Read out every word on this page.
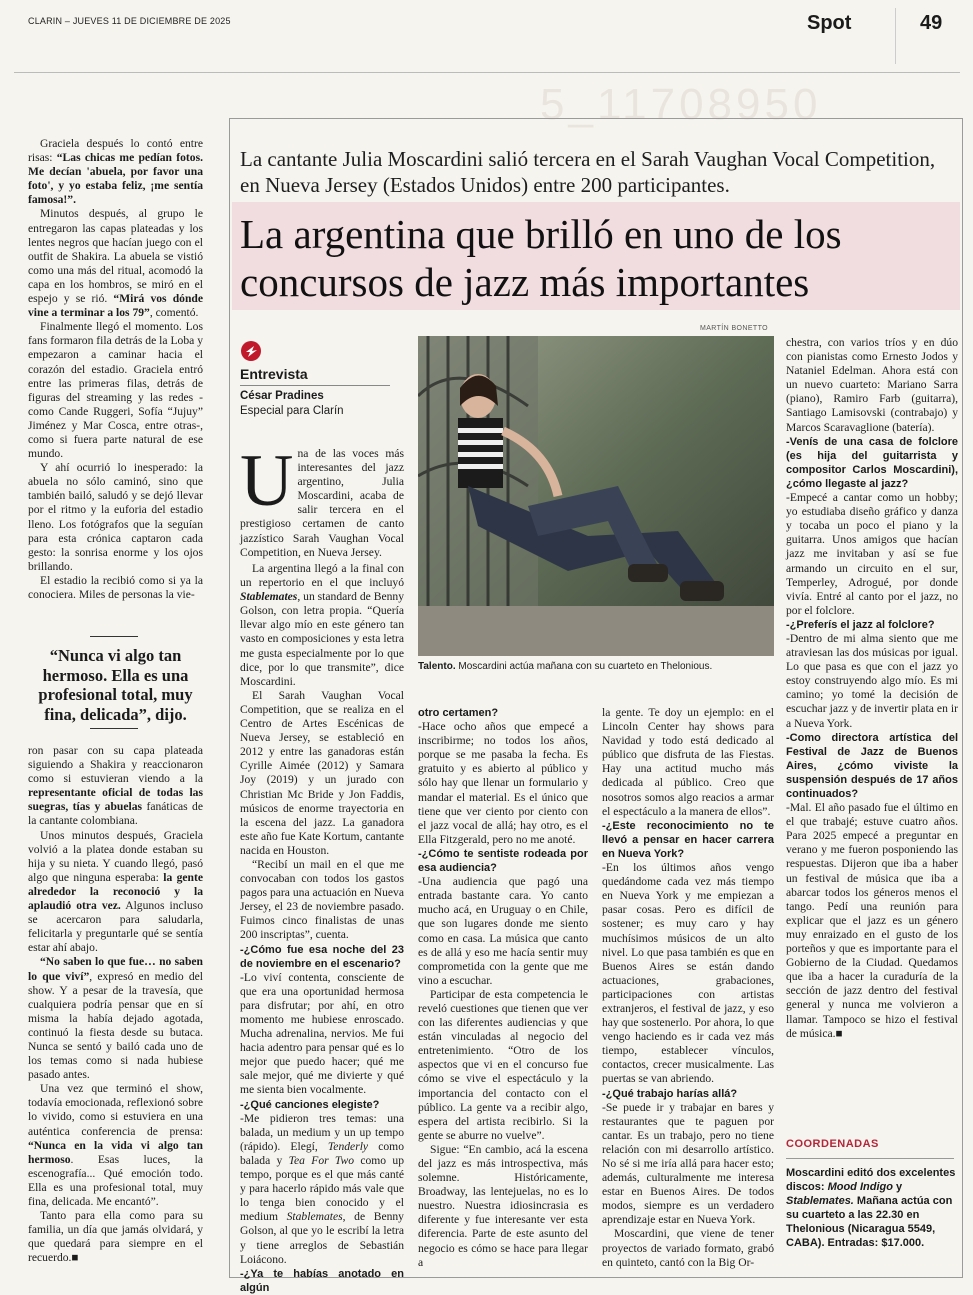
CLARIN – JUEVES 11 DE DICIEMBRE DE 2025	Spot	49
5_11708950

Graciela después lo contó entre risas: “Las chicas me pedían fotos. Me decían 'abuela, por favor una foto', y yo estaba feliz, ¡me sentía famosa!”.

Minutos después, al grupo le entregaron las capas plateadas y los lentes negros que hacían juego con el outfit de Shakira. La abuela se vistió como una más del ritual, acomodó la capa en los hombros, se miró en el espejo y se rió. “Mirá vos dónde vine a terminar a los 79”, comentó.

Finalmente llegó el momento. Los fans formaron fila detrás de la Loba y empezaron a caminar hacia el corazón del estadio. Graciela entró entre las primeras filas, detrás de figuras del streaming y las redes -como Cande Ruggeri, Sofía “Jujuy” Jiménez y Mar Cosca, entre otras-, como si fuera parte natural de ese mundo.

Y ahí ocurrió lo inesperado: la abuela no sólo caminó, sino que también bailó, saludó y se dejó llevar por el ritmo y la euforia del estadio lleno. Los fotógrafos que la seguían para esta crónica captaron cada gesto: la sonrisa enorme y los ojos brillando.

El estadio la recibió como si ya la conociera. Miles de personas la vie-

“Nunca vi algo tan hermoso. Ella es una profesional total, muy fina, delicada”, dijo.

ron pasar con su capa plateada siguiendo a Shakira y reaccionaron como si estuvieran viendo a la representante oficial de todas las suegras, tías y abuelas fanáticas de la cantante colombiana.

Unos minutos después, Graciela volvió a la platea donde estaban su hija y su nieta. Y cuando llegó, pasó algo que ninguna esperaba: la gente alrededor la reconoció y la aplaudió otra vez. Algunos incluso se acercaron para saludarla, felicitarla y preguntarle qué se sentía estar ahí abajo.

“No saben lo que fue… no saben lo que viví”, expresó en medio del show. Y a pesar de la travesía, que cualquiera podría pensar que en sí misma la había dejado agotada, continuó la fiesta desde su butaca. Nunca se sentó y bailó cada uno de los temas como si nada hubiese pasado antes.

Una vez que terminó el show, todavía emocionada, reflexionó sobre lo vivido, como si estuviera en una auténtica conferencia de prensa: “Nunca en la vida vi algo tan hermoso. Esas luces, la escenografía... Qué emoción todo. Ella es una profesional total, muy fina, delicada. Me encantó”.

Tanto para ella como para su familia, un día que jamás olvidará, y que quedará para siempre en el recuerdo.■

La cantante Julia Moscardini salió tercera en el Sarah Vaughan Vocal Competition, en Nueva Jersey (Estados Unidos) entre 200 participantes.
La argentina que brilló en uno de los concursos de jazz más importantes
MARTÍN BONETTO
Entrevista
César Pradines
Especial para Clarín
Talento. Moscardini actúa mañana con su cuarteto en Thelonious.

Una de las voces más interesantes del jazz argentino, Julia Moscardini, acaba de salir tercera en el prestigioso certamen de canto jazzístico Sarah Vaughan Vocal Competition, en Nueva Jersey.

La argentina llegó a la final con un repertorio en el que incluyó Stablemates, un standard de Benny Golson, con letra propia. “Quería llevar algo mío en este género tan vasto en composiciones y esta letra me gusta especialmente por lo que dice, por lo que transmite”, dice Moscardini.

El Sarah Vaughan Vocal Competition, que se realiza en el Centro de Artes Escénicas de Nueva Jersey, se estableció en 2012 y entre las ganadoras están Cyrille Aimée (2012) y Samara Joy (2019) y un jurado con Christian Mc Bride y Jon Faddis, músicos de enorme trayectoria en la escena del jazz. La ganadora este año fue Kate Kortum, cantante nacida en Houston.

“Recibí un mail en el que me convocaban con todos los gastos pagos para una actuación en Nueva Jersey, el 23 de noviembre pasado. Fuimos cinco finalistas de unas 200 inscriptas”, cuenta.

-¿Cómo fue esa noche del 23 de noviembre en el escenario?

-Lo viví contenta, consciente de que era una oportunidad hermosa para disfrutar; por ahí, en otro momento me hubiese enroscado. Mucha adrenalina, nervios. Me fui hacia adentro para pensar qué es lo mejor que puedo hacer; qué me sale mejor, qué me divierte y qué me sienta bien vocalmente.

-¿Qué canciones elegiste?

-Me pidieron tres temas: una balada, un medium y un up tempo (rápido). Elegí, Tenderly como balada y Tea For Two como up tempo, porque es el que más canté y para hacerlo rápido más vale que lo tenga bien conocido y el medium Stablemates, de Benny Golson, al que yo le escribí la letra y tiene arreglos de Sebastián Loiácono.

-¿Ya te habías anotado en algún

otro certamen?

-Hace ocho años que empecé a inscribirme; no todos los años, porque se me pasaba la fecha. Es gratuito y es abierto al público y sólo hay que llenar un formulario y mandar el material. Es el único que tiene que ver ciento por ciento con el jazz vocal de allá; hay otro, es el Ella Fitzgerald, pero no me anoté.

-¿Cómo te sentiste rodeada por esa audiencia?

-Una audiencia que pagó una entrada bastante cara. Yo canto mucho acá, en Uruguay o en Chile, que son lugares donde me siento como en casa. La música que canto es de allá y eso me hacía sentir muy comprometida con la gente que me vino a escuchar.

Participar de esta competencia le reveló cuestiones que tienen que ver con las diferentes audiencias y que están vinculadas al negocio del entretenimiento. “Otro de los aspectos que vi en el concurso fue cómo se vive el espectáculo y la importancia del contacto con el público. La gente va a recibir algo, espera del artista recibirlo. Si la gente se aburre no vuelve”.

Sigue: “En cambio, acá la escena del jazz es más introspectiva, más solemne. Históricamente, Broadway, las lentejuelas, no es lo nuestro. Nuestra idiosincrasia es diferente y fue interesante ver esta diferencia. Parte de este asunto del negocio es cómo se hace para llegar a

la gente. Te doy un ejemplo: en el Lincoln Center hay shows para Navidad y todo está dedicado al público que disfruta de las Fiestas. Hay una actitud mucho más dedicada al público. Creo que nosotros somos algo reacios a armar el espectáculo a la manera de ellos”.

-¿Este reconocimiento no te llevó a pensar en hacer carrera en Nueva York?

-En los últimos años vengo quedándome cada vez más tiempo en Nueva York y me empiezan a pasar cosas. Pero es difícil de sostener; es muy caro y hay muchísimos músicos de un alto nivel. Lo que pasa también es que en Buenos Aires se están dando actuaciones, grabaciones, participaciones con artistas extranjeros, el festival de jazz, y eso hay que sostenerlo. Por ahora, lo que vengo haciendo es ir cada vez más tiempo, establecer vínculos, contactos, crecer musicalmente. Las puertas se van abriendo.

-¿Qué trabajo harías allá?

-Se puede ir y trabajar en bares y restaurantes que te paguen por cantar. Es un trabajo, pero no tiene relación con mi desarrollo artístico. No sé si me iría allá para hacer esto; además, culturalmente me interesa estar en Buenos Aires. De todos modos, siempre es un verdadero aprendizaje estar en Nueva York.

Moscardini, que viene de tener proyectos de variado formato, grabó en quinteto, cantó con la Big Or-

chestra, con varios tríos y en dúo con pianistas como Ernesto Jodos y Nataniel Edelman. Ahora está con un nuevo cuarteto: Mariano Sarra (piano), Ramiro Farb (guitarra), Santiago Lamisovski (contrabajo) y Marcos Scaravaglione (batería).

-Venís de una casa de folclore (es hija del guitarrista y compositor Carlos Moscardini), ¿cómo llegaste al jazz?

-Empecé a cantar como un hobby; yo estudiaba diseño gráfico y danza y tocaba un poco el piano y la guitarra. Unos amigos que hacían jazz me invitaban y así se fue armando un circuito en el sur, Temperley, Adrogué, por donde vivía. Entré al canto por el jazz, no por el folclore.

-¿Preferís el jazz al folclore?

-Dentro de mi alma siento que me atraviesan las dos músicas por igual. Lo que pasa es que con el jazz yo estoy construyendo algo mío. Es mi camino; yo tomé la decisión de escuchar jazz y de invertir plata en ir a Nueva York.

-Como directora artística del Festival de Jazz de Buenos Aires, ¿cómo viviste la suspensión después de 17 años continuados?

-Mal. El año pasado fue el último en el que trabajé; estuve cuatro años. Para 2025 empecé a preguntar en verano y me fueron posponiendo las respuestas. Dijeron que iba a haber un festival de música que iba a abarcar todos los géneros menos el tango. Pedí una reunión para explicar que el jazz es un género muy enraizado en el gusto de los porteños y que es importante para el Gobierno de la Ciudad. Quedamos que iba a hacer la curaduría de la sección de jazz dentro del festival general y nunca me volvieron a llamar. Tampoco se hizo el festival de música.■

COORDENADAS
Moscardini editó dos excelentes discos: Mood Indigo y Stablemates. Mañana actúa con su cuarteto a las 22.30 en Thelonious (Nicaragua 5549, CABA). Entradas: $17.000.
